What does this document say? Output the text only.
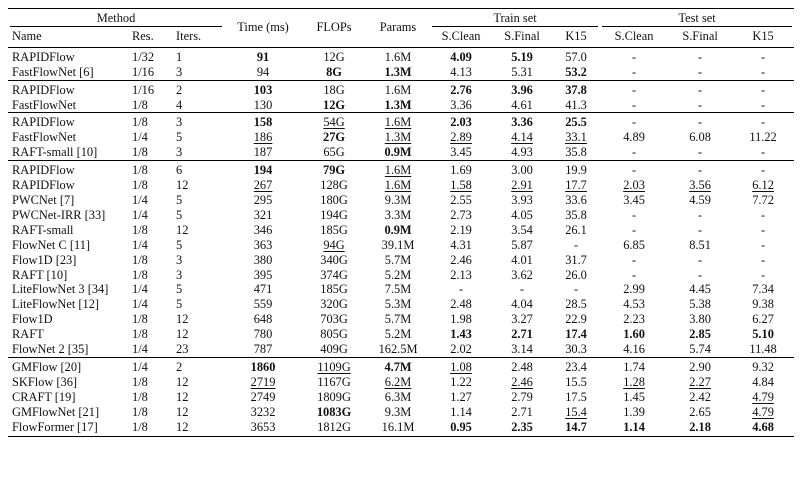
Method			Time (ms)	FLOPs	Params	Train set			Test set		

Name	Res.	Iters.				S.Clean	S.Final	K15	S.Clean	S.Final	K15
RAPIDFlow	1/32	1	91	12G	1.6M	4.09	5.19	57.0	-	-	-
FastFlowNet [6]	1/16	3	94	8G	1.3M	4.13	5.31	53.2	-	-	-
RAPIDFlow	1/16	2	103	18G	1.6M	2.76	3.96	37.8	-	-	-
FastFlowNet	1/8	4	130	12G	1.3M	3.36	4.61	41.3	-	-	-
RAPIDFlow	1/8	3	158	54G	1.6M	2.03	3.36	25.5	-	-	-
FastFlowNet	1/4	5	186	27G	1.3M	2.89	4.14	33.1	4.89	6.08	11.22
RAFT-small [10]	1/8	3	187	65G	0.9M	3.45	4.93	35.8	-	-	-
RAPIDFlow	1/8	6	194	79G	1.6M	1.69	3.00	19.9	-	-	-
RAPIDFlow	1/8	12	267	128G	1.6M	1.58	2.91	17.7	2.03	3.56	6.12
PWCNet [7]	1/4	5	295	180G	9.3M	2.55	3.93	33.6	3.45	4.59	7.72
PWCNet-IRR [33]	1/4	5	321	194G	3.3M	2.73	4.05	35.8	-	-	-
RAFT-small	1/8	12	346	185G	0.9M	2.19	3.54	26.1	-	-	-
FlowNet C [11]	1/4	5	363	94G	39.1M	4.31	5.87	-	6.85	8.51	-
Flow1D [23]	1/8	3	380	340G	5.7M	2.46	4.01	31.7	-	-	-
RAFT [10]	1/8	3	395	374G	5.2M	2.13	3.62	26.0	-	-	-
LiteFlowNet 3 [34]	1/4	5	471	185G	7.5M	-	-	-	2.99	4.45	7.34
LiteFlowNet [12]	1/4	5	559	320G	5.3M	2.48	4.04	28.5	4.53	5.38	9.38
Flow1D	1/8	12	648	703G	5.7M	1.98	3.27	22.9	2.23	3.80	6.27
RAFT	1/8	12	780	805G	5.2M	1.43	2.71	17.4	1.60	2.85	5.10
FlowNet 2 [35]	1/4	23	787	409G	162.5M	2.02	3.14	30.3	4.16	5.74	11.48
GMFlow [20]	1/4	2	1860	1109G	4.7M	1.08	2.48	23.4	1.74	2.90	9.32
SKFlow [36]	1/8	12	2719	1167G	6.2M	1.22	2.46	15.5	1.28	2.27	4.84
CRAFT [19]	1/8	12	2749	1809G	6.3M	1.27	2.79	17.5	1.45	2.42	4.79
GMFlowNet [21]	1/8	12	3232	1083G	9.3M	1.14	2.71	15.4	1.39	2.65	4.79
FlowFormer [17]	1/8	12	3653	1812G	16.1M	0.95	2.35	14.7	1.14	2.18	4.68
